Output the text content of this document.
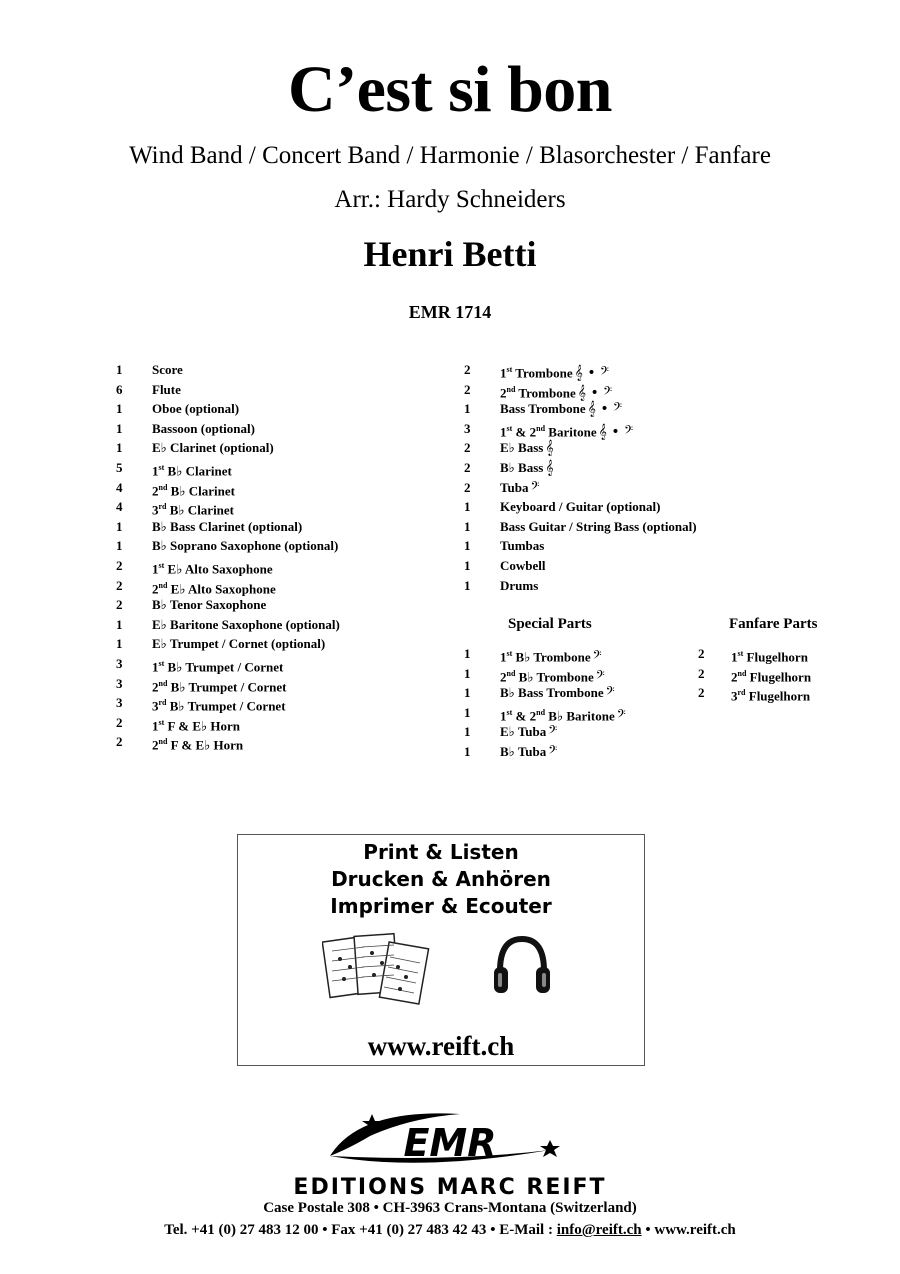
C’est si bon
Wind Band / Concert Band / Harmonie / Blasorchester / Fanfare
Arr.: Hardy Schneiders
Henri Betti
EMR 1714
1	Score
6	Flute
1	Oboe (optional)
1	Bassoon (optional)
1	E♭ Clarinet (optional)
5	1st B♭ Clarinet
4	2nd B♭ Clarinet
4	3rd B♭ Clarinet
1	B♭ Bass Clarinet (optional)
1	B♭ Soprano Saxophone (optional)
2	1st E♭ Alto Saxophone
2	2nd E♭ Alto Saxophone
2	B♭ Tenor Saxophone
1	E♭ Baritone Saxophone (optional)
1	E♭ Trumpet / Cornet (optional)
3	1st B♭ Trumpet / Cornet
3	2nd B♭ Trumpet / Cornet
3	3rd B♭ Trumpet / Cornet
2	1st F & E♭ Horn
2	2nd F & E♭ Horn
2	1st Trombone 𝄞 • 𝄢
2	2nd Trombone 𝄞 • 𝄢
1	Bass Trombone 𝄞 • 𝄢
3	1st & 2nd Baritone 𝄞 • 𝄢
2	E♭ Bass 𝄞
2	B♭ Bass 𝄞
2	Tuba 𝄢
1	Keyboard / Guitar (optional)
1	Bass Guitar / String Bass (optional)
1	Tumbas
1	Cowbell
1	Drums
Special Parts	Fanfare Parts
1	1st B♭ Trombone 𝄢
1	2nd B♭ Trombone 𝄢
1	B♭ Bass Trombone 𝄢
1	1st & 2nd B♭ Baritone 𝄢
1	E♭ Tuba 𝄢
1	B♭ Tuba 𝄢
2	1st Flugelhorn
2	2nd Flugelhorn
2	3rd Flugelhorn
Print & Listen
Drucken & Anhören
Imprimer & Ecouter
www.reift.ch
EMR
EDITIONS MARC REIFT
Case Postale 308 • CH-3963 Crans-Montana (Switzerland)
Tel. +41 (0) 27 483 12 00 • Fax +41 (0) 27 483 42 43 • E-Mail : info@reift.ch • www.reift.ch
